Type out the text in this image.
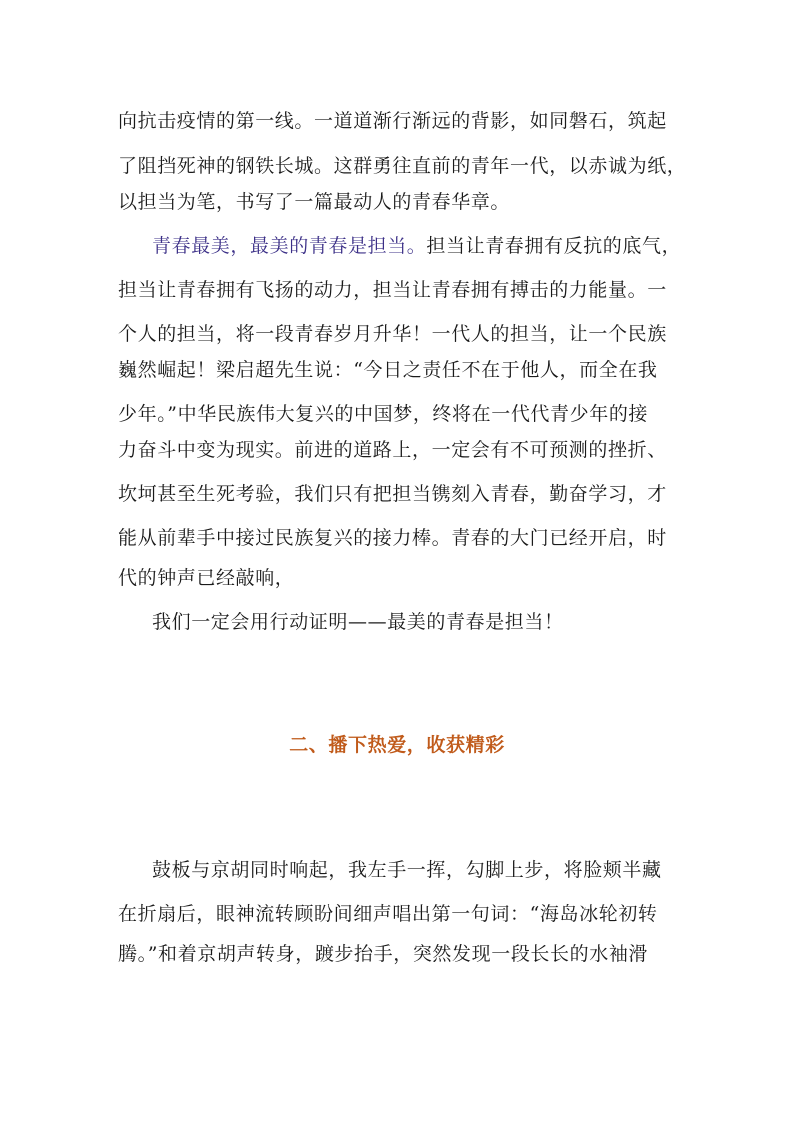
向抗击疫情的第一线。一道道渐行渐远的背影，如同磐石，筑起
了阻挡死神的钢铁长城。这群勇往直前的青年一代，以赤诚为纸，
以担当为笔，书写了一篇最动人的青春华章。
青春最美，最美的青春是担当。担当让青春拥有反抗的底气，
担当让青春拥有飞扬的动力，担当让青春拥有搏击的力能量。一
个人的担当，将一段青春岁月升华！一代人的担当，让一个民族
巍然崛起！梁启超先生说：“今日之责任不在于他人，而全在我
少年。”中华民族伟大复兴的中国梦，终将在一代代青少年的接
力奋斗中变为现实。前进的道路上，一定会有不可预测的挫折、
坎坷甚至生死考验，我们只有把担当镌刻入青春，勤奋学习，才
能从前辈手中接过民族复兴的接力棒。青春的大门已经开启，时
代的钟声已经敲响，
我们一定会用行动证明——最美的青春是担当！
二、播下热爱，收获精彩
鼓板与京胡同时响起，我左手一挥，勾脚上步，将脸颊半藏
在折扇后，眼神流转顾盼间细声唱出第一句词：“海岛冰轮初转
腾。”和着京胡声转身，踱步抬手，突然发现一段长长的水袖滑
